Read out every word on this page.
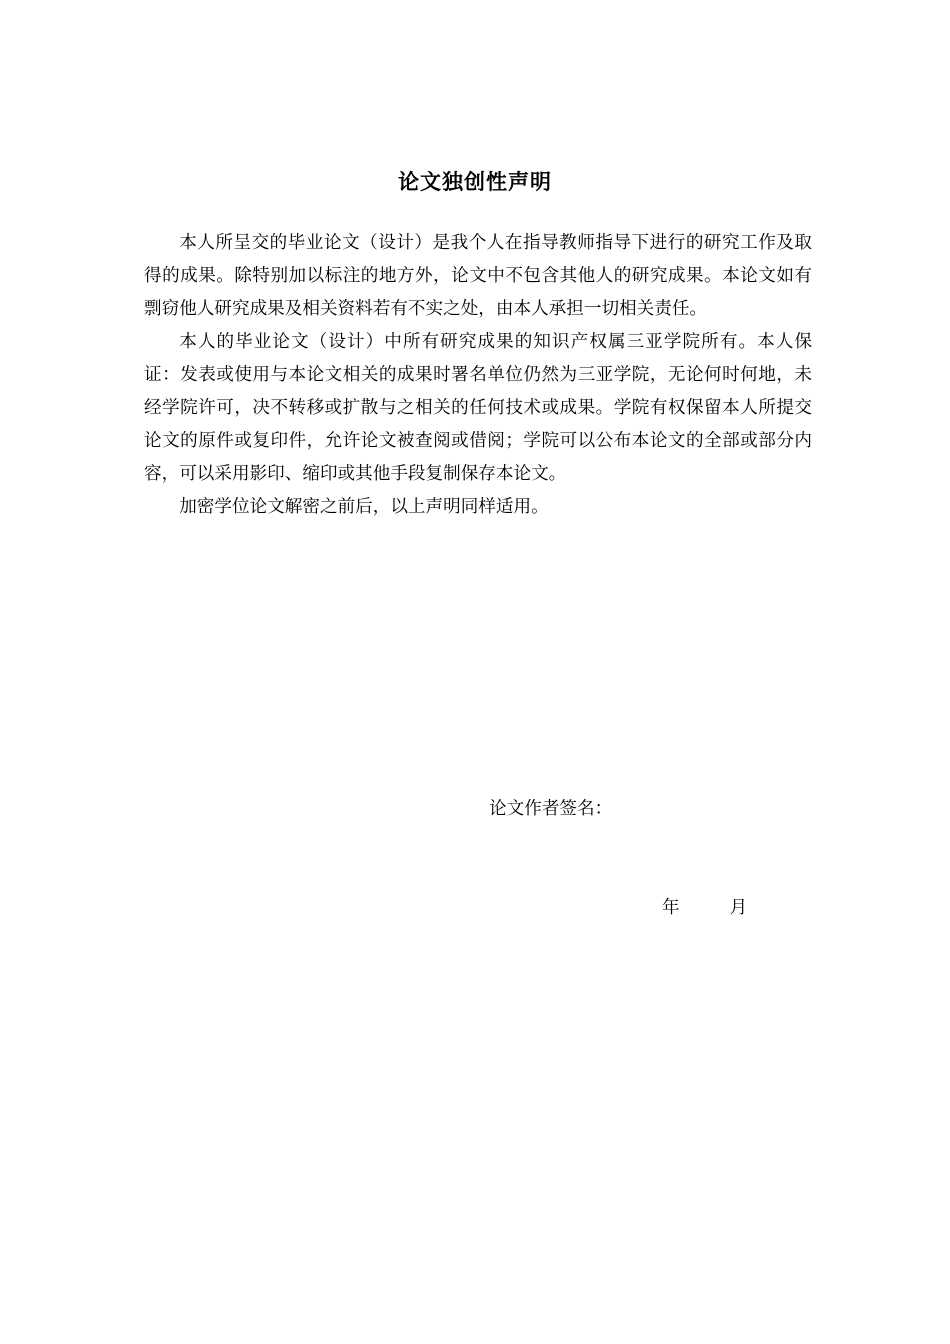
论文独创性声明

本人所呈交的毕业论文（设计）是我个人在指导教师指导下进行的研究工作及取得的成果。除特别加以标注的地方外，论文中不包含其他人的研究成果。本论文如有剽窃他人研究成果及相关资料若有不实之处，由本人承担一切相关责任。

本人的毕业论文（设计）中所有研究成果的知识产权属三亚学院所有。本人保证：发表或使用与本论文相关的成果时署名单位仍然为三亚学院，无论何时何地，未经学院许可，决不转移或扩散与之相关的任何技术或成果。学院有权保留本人所提交论文的原件或复印件，允许论文被查阅或借阅；学院可以公布本论文的全部或部分内容，可以采用影印、缩印或其他手段复制保存本论文。

加密学位论文解密之前后，以上声明同样适用。

论文作者签名：
年	月
